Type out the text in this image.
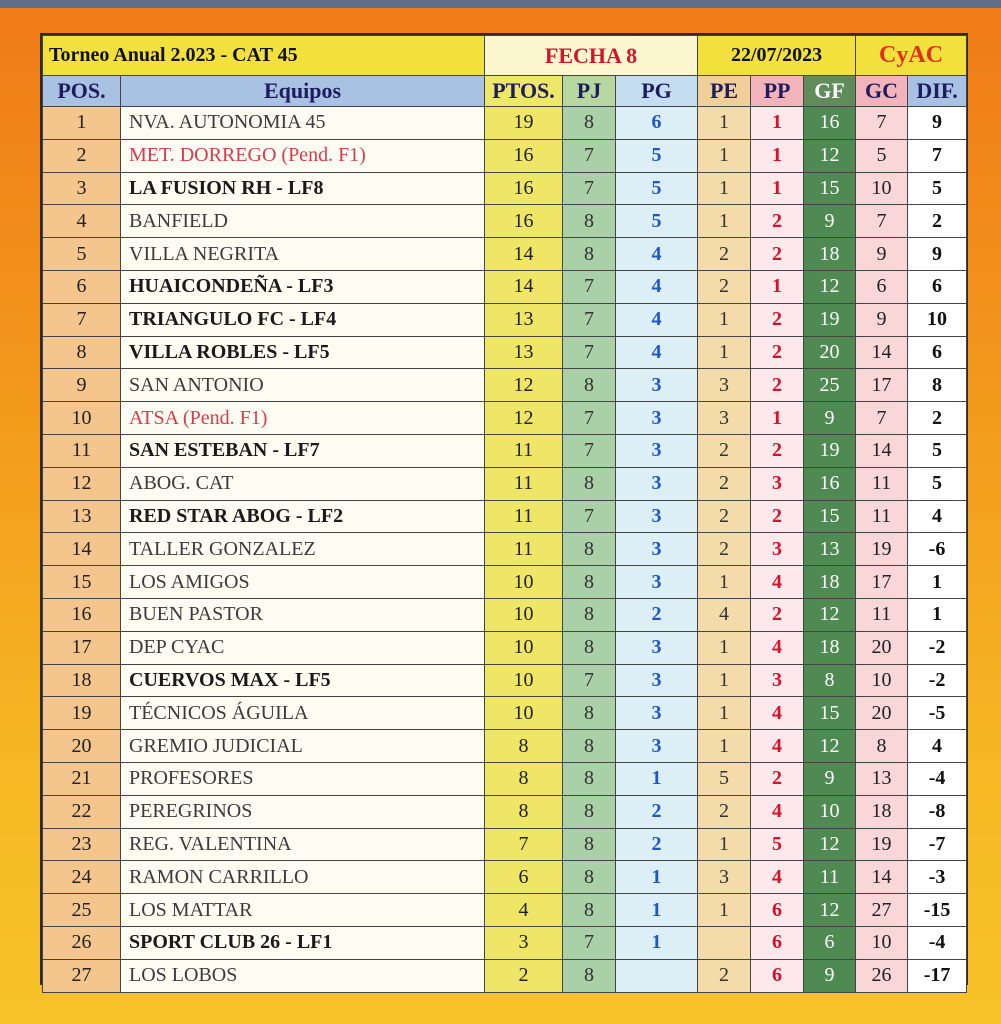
Torneo Anual 2.023 - CAT 45		FECHA 8			22/07/2023			CyAC	
POS.	Equipos	PTOS.	PJ	PG	PE	PP	GF	GC	DIF.
1	NVA. AUTONOMIA 45	19	8	6	1	1	16	7	9
2	MET. DORREGO (Pend. F1)	16	7	5	1	1	12	5	7
3	LA FUSION RH - LF8	16	7	5	1	1	15	10	5
4	BANFIELD	16	8	5	1	2	9	7	2
5	VILLA NEGRITA	14	8	4	2	2	18	9	9
6	HUAICONDEÑA - LF3	14	7	4	2	1	12	6	6
7	TRIANGULO FC - LF4	13	7	4	1	2	19	9	10
8	VILLA ROBLES - LF5	13	7	4	1	2	20	14	6
9	SAN ANTONIO	12	8	3	3	2	25	17	8
10	ATSA (Pend. F1)	12	7	3	3	1	9	7	2
11	SAN ESTEBAN - LF7	11	7	3	2	2	19	14	5
12	ABOG. CAT	11	8	3	2	3	16	11	5
13	RED STAR ABOG - LF2	11	7	3	2	2	15	11	4
14	TALLER GONZALEZ	11	8	3	2	3	13	19	-6
15	LOS AMIGOS	10	8	3	1	4	18	17	1
16	BUEN PASTOR	10	8	2	4	2	12	11	1
17	DEP CYAC	10	8	3	1	4	18	20	-2
18	CUERVOS MAX - LF5	10	7	3	1	3	8	10	-2
19	TÉCNICOS ÁGUILA	10	8	3	1	4	15	20	-5
20	GREMIO JUDICIAL	8	8	3	1	4	12	8	4
21	PROFESORES	8	8	1	5	2	9	13	-4
22	PEREGRINOS	8	8	2	2	4	10	18	-8
23	REG. VALENTINA	7	8	2	1	5	12	19	-7
24	RAMON CARRILLO	6	8	1	3	4	11	14	-3
25	LOS MATTAR	4	8	1	1	6	12	27	-15
26	SPORT CLUB 26 - LF1	3	7	1		6	6	10	-4
27	LOS LOBOS	2	8		2	6	9	26	-17
